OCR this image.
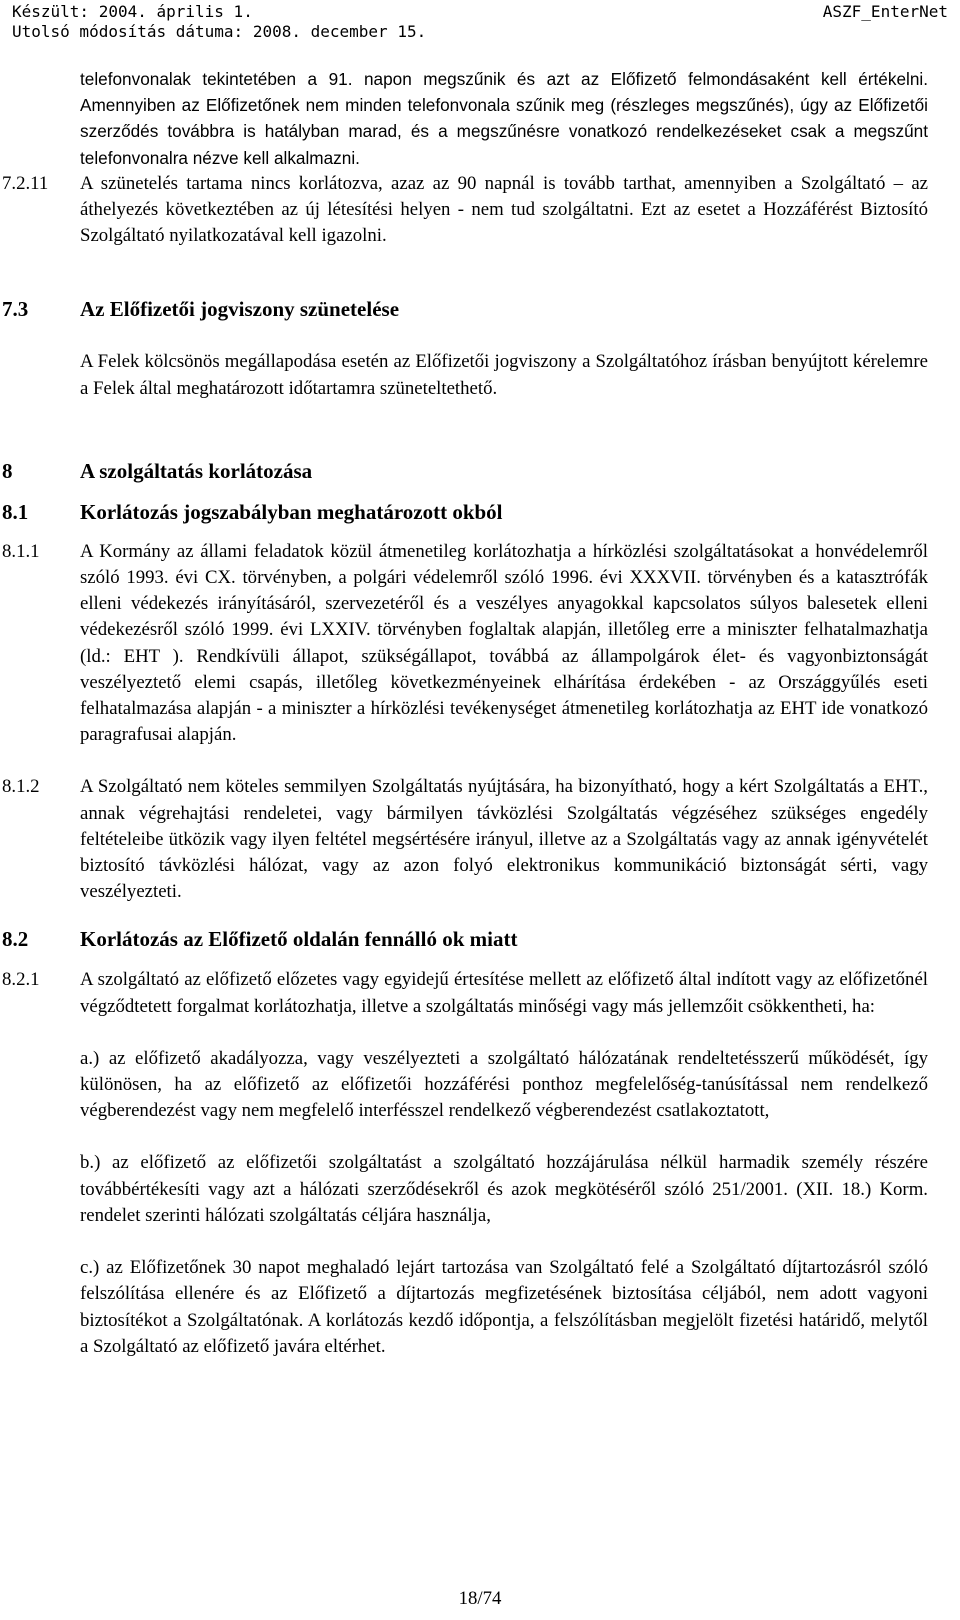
Készült: 2004. április 1.	ASZF_EnterNet
Utolsó módosítás dátuma: 2008. december 15.

telefonvonalak tekintetében a 91. napon megszűnik és azt az Előfizető felmondásaként kell értékelni. Amennyiben az Előfizetőnek nem minden telefonvonala szűnik meg (részleges megszűnés), úgy az Előfizetői szerződés továbbra is hatályban marad, és a megszűnésre vonatkozó rendelkezéseket csak a megszűnt telefonvonalra nézve kell alkalmazni.

7.2.11 A szünetelés tartama nincs korlátozva, azaz az 90 napnál is tovább tarthat, amennyiben a Szolgáltató – az áthelyezés következtében az új létesítési helyen - nem tud szolgáltatni. Ezt az esetet a Hozzáférést Biztosító Szolgáltató nyilatkozatával kell igazolni.

7.3 Az Előfizetői jogviszony szünetelése

A Felek kölcsönös megállapodása esetén az Előfizetői jogviszony a Szolgáltatóhoz írásban benyújtott kérelemre a Felek által meghatározott időtartamra szüneteltethető.

8	A szolgáltatás korlátozása
8.1 Korlátozás jogszabályban meghatározott okból
8.1.1 A Kormány az állami feladatok közül átmenetileg korlátozhatja a hírközlési szolgáltatásokat a honvédelemről szóló 1993. évi CX. törvényben, a polgári védelemről szóló 1996. évi XXXVII. törvényben és a katasztrófák elleni védekezés irányításáról, szervezetéről és a veszélyes anyagokkal kapcsolatos súlyos balesetek elleni védekezésről szóló 1999. évi LXXIV. törvényben foglaltak alapján, illetőleg erre a miniszter felhatalmazhatja (ld.: EHT ). Rendkívüli állapot, szükségállapot, továbbá az állampolgárok élet- és vagyonbiztonságát veszélyeztető elemi csapás, illetőleg következményeinek elhárítása érdekében - az Országgyűlés eseti felhatalmazása alapján - a miniszter a hírközlési tevékenységet átmenetileg korlátozhatja az EHT ide vonatkozó paragrafusai alapján.

8.1.2 A Szolgáltató nem köteles semmilyen Szolgáltatás nyújtására, ha bizonyítható, hogy a kért Szolgáltatás a EHT., annak végrehajtási rendeletei, vagy bármilyen távközlési Szolgáltatás végzéséhez szükséges engedély feltételeibe ütközik vagy ilyen feltétel megsértésére irányul, illetve az a Szolgáltatás vagy az annak igényvételét biztosító távközlési hálózat, vagy az azon folyó elektronikus kommunikáció biztonságát sérti, vagy veszélyezteti.

8.2 Korlátozás az Előfizető oldalán fennálló ok miatt
8.2.1 A szolgáltató az előfizető előzetes vagy egyidejű értesítése mellett az előfizető által indított vagy az előfizetőnél végződtetett forgalmat korlátozhatja, illetve a szolgáltatás minőségi vagy más jellemzőit csökkentheti, ha:

a.) az előfizető akadályozza, vagy veszélyezteti a szolgáltató hálózatának rendeltetésszerű működését, így különösen, ha az előfizető az előfizetői hozzáférési ponthoz megfelelőség-tanúsítással nem rendelkező végberendezést vagy nem megfelelő interfésszel rendelkező végberendezést csatlakoztatott,

b.) az előfizető az előfizetői szolgáltatást a szolgáltató hozzájárulása nélkül harmadik személy részére továbbértékesíti vagy azt a hálózati szerződésekről és azok megkötéséről szóló 251/2001. (XII. 18.) Korm. rendelet szerinti hálózati szolgáltatás céljára használja,

c.) az Előfizetőnek 30 napot meghaladó lejárt tartozása van Szolgáltató felé a Szolgáltató díjtartozásról szóló felszólítása ellenére és az Előfizető a díjtartozás megfizetésének biztosítása céljából, nem adott vagyoni biztosítékot a Szolgáltatónak. A korlátozás kezdő időpontja, a felszólításban megjelölt fizetési határidő, melytől a Szolgáltató az előfizető javára eltérhet.

18/74
